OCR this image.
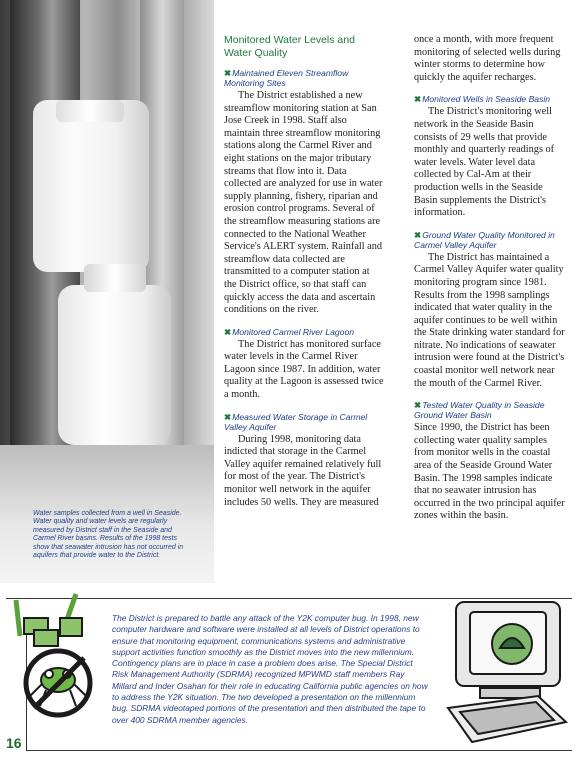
Water samples collected from a well in Seaside. Water quality and water levels are regularly measured by District staff in the Seaside and Carmel River basins. Results of the 1998 tests show that seawater intrusion has not occurred in aquifers that provide water to the District.
Monitored Water Levels and Water Quality
✖Maintained Eleven Streamflow Monitoring Sites

The District established a new streamflow monitoring station at San Jose Creek in 1998. Staff also maintain three streamflow monitoring stations along the Carmel River and eight stations on the major tributary streams that flow into it. Data collected are analyzed for use in water supply planning, fishery, riparian and erosion control programs. Several of the streamflow measuring stations are connected to the National Weather Service's ALERT system. Rainfall and streamflow data collected are transmitted to a computer station at the District office, so that staff can quickly access the data and ascertain conditions on the river.

✖Monitored Carmel River Lagoon

The District has monitored surface water levels in the Carmel River Lagoon since 1987. In addition, water quality at the Lagoon is assessed twice a month.

✖Measured Water Storage in Carmel Valley Aquifer

During 1998, monitoring data indicted that storage in the Carmel Valley aquifer remained relatively full for most of the year. The District's monitor well network in the aquifer includes 50 wells. They are measured

once a month, with more frequent monitoring of selected wells during winter storms to determine how quickly the aquifer recharges.

✖Monitored Wells in Seaside Basin

The District's monitoring well network in the Seaside Basin consists of 29 wells that provide monthly and quarterly readings of water levels. Water level data collected by Cal-Am at their production wells in the Seaside Basin supplements the District's information.

✖Ground Water Quality Monitored in Carmel Valley Aquifer

The District has maintained a Carmel Valley Aquifer water quality monitoring program since 1981. Results from the 1998 samplings indicated that water quality in the aquifer continues to be well within the State drinking water standard for nitrate. No indications of seawater intrusion were found at the District's coastal monitor well network near the mouth of the Carmel River.

✖Tested Water Quality in Seaside Ground Water Basin

Since 1990, the District has been collecting water quality samples from monitor wells in the coastal area of the Seaside Ground Water Basin. The 1998 samples indicate that no seawater intrusion has occurred in the two principal aquifer zones within the basin.

The District is prepared to battle any attack of the Y2K computer bug. In 1998, new computer hardware and software were installed at all levels of District operations to ensure that monitoring equipment, communications systems and administrative support activities function smoothly as the District moves into the new millennium. Contingency plans are in place in case a problem does arise. The Special District Risk Management Authority (SDRMA) recognized MPWMD staff members Ray Millard and Inder Osahan for their role in educating California public agencies on how to address the Y2K situation. The two developed a presentation on the millennium bug. SDRMA videotaped portions of the presentation and then distributed the tape to over 400 SDRMA member agencies.
16
